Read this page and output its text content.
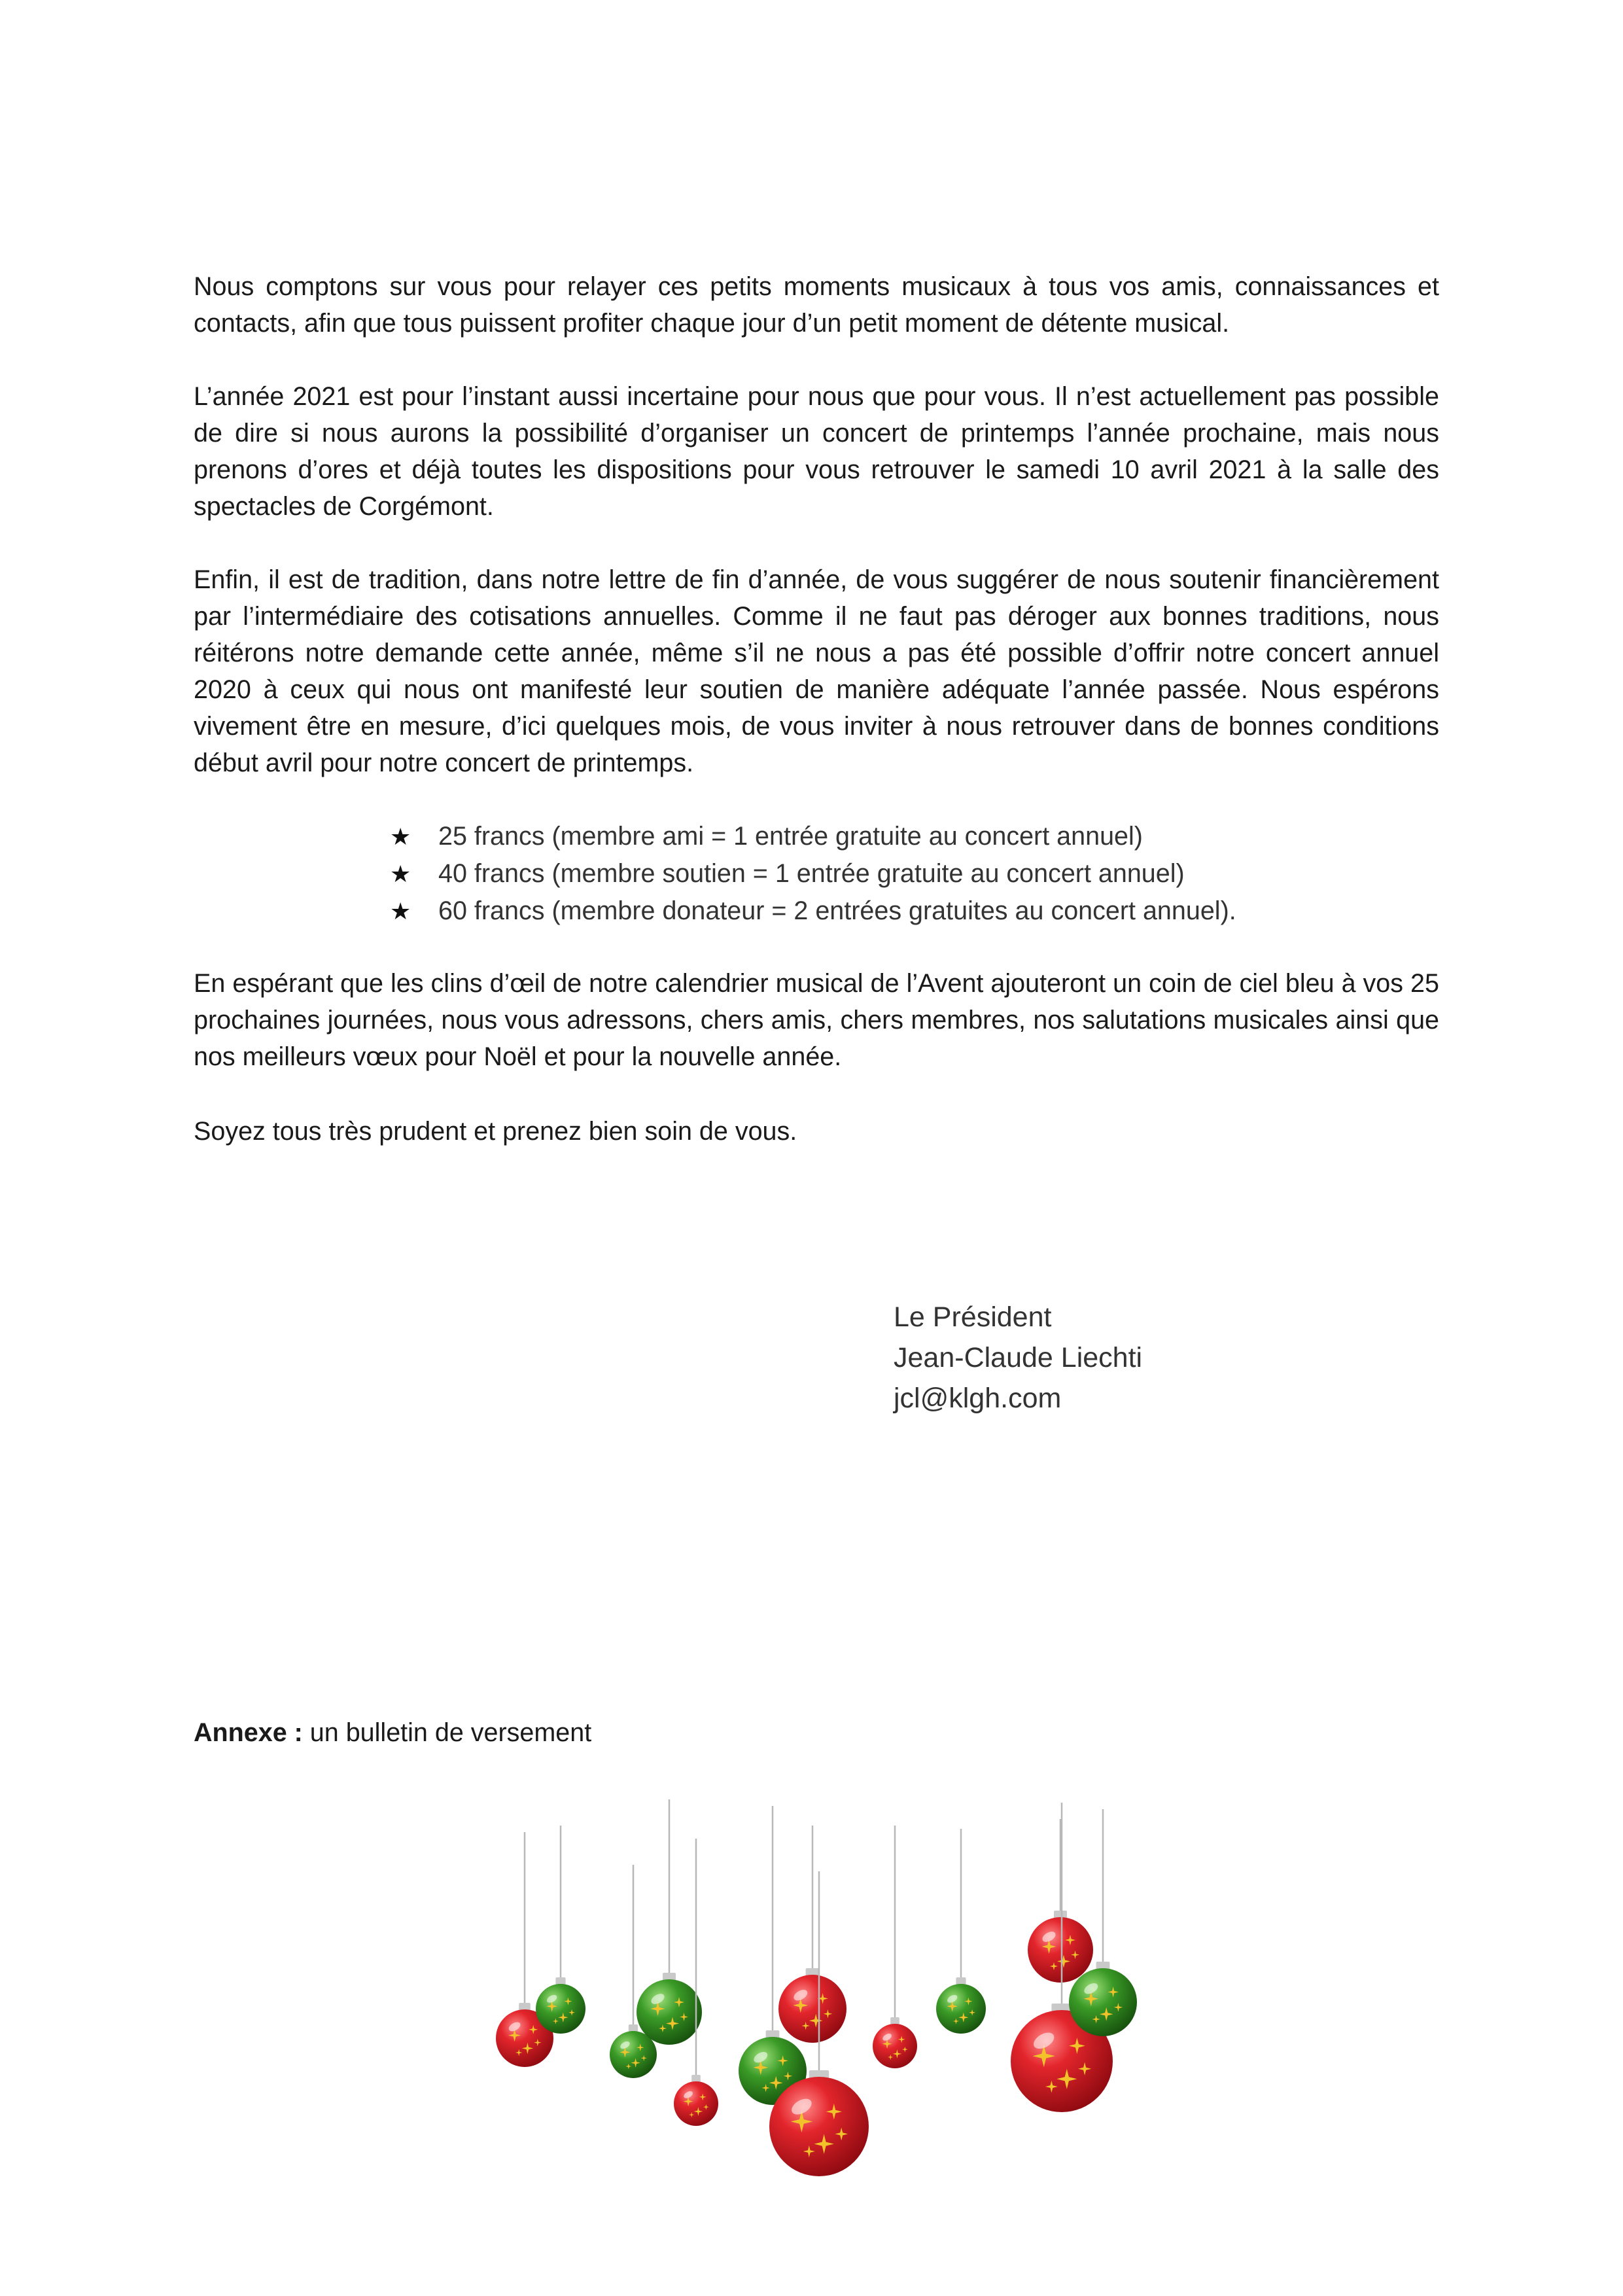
Nous comptons sur vous pour relayer ces petits moments musicaux à tous vos amis, connaissances et contacts, afin que tous puissent profiter chaque jour d’un petit moment de détente musical.

L’année 2021 est pour l’instant aussi incertaine pour nous que pour vous. Il n’est actuellement pas possible de dire si nous aurons la possibilité d’organiser un concert de printemps l’année prochaine, mais nous prenons d’ores et déjà toutes les dispositions pour vous retrouver le samedi 10 avril 2021 à la salle des spectacles de Corgémont.

Enfin, il est de tradition, dans notre lettre de fin d’année, de vous suggérer de nous soutenir financièrement par l’intermédiaire des cotisations annuelles. Comme il ne faut pas déroger aux bonnes traditions, nous réitérons notre demande cette année, même s’il ne nous a pas été possible d’offrir notre concert annuel 2020 à ceux qui nous ont manifesté leur soutien de manière adéquate l’année passée. Nous espérons vivement être en mesure, d’ici quelques mois, de vous inviter à nous retrouver dans de bonnes conditions début avril pour notre concert de printemps.

★	25 francs (membre ami = 1 entrée gratuite au concert annuel)
★	40 francs (membre soutien = 1 entrée gratuite au concert annuel)
★	60 francs (membre donateur = 2 entrées gratuites au concert annuel).

En espérant que les clins d’œil de notre calendrier musical de l’Avent ajouteront un coin de ciel bleu à vos 25 prochaines journées, nous vous adressons, chers amis, chers membres, nos salutations musicales ainsi que nos meilleurs vœux pour Noël et pour la nouvelle année.

Soyez tous très prudent et prenez bien soin de vous.

Le Président
Jean-Claude Liechti
jcl@klgh.com
Annexe : un bulletin de versement
